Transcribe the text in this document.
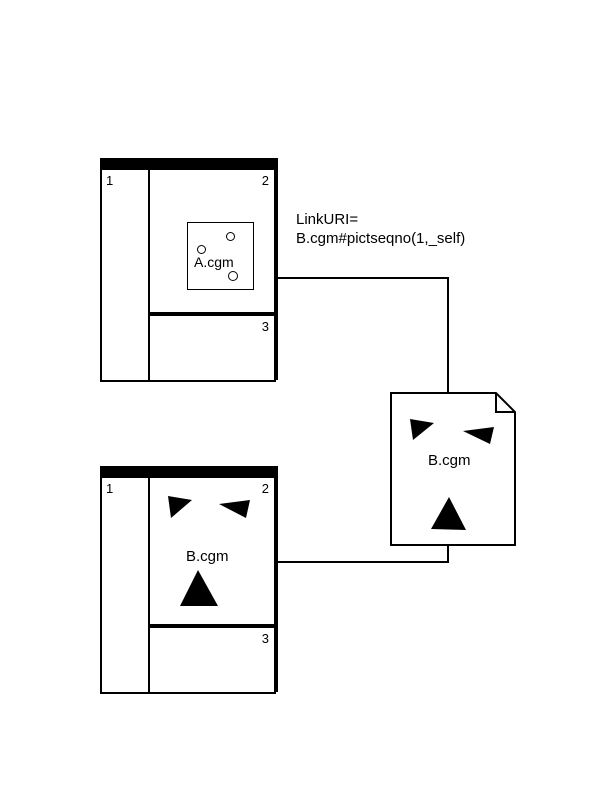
1	2
3
A.cgm
LinkURI=
B.cgm#pictseqno(1,_self)
B.cgm
1	2
B.cgm
3
